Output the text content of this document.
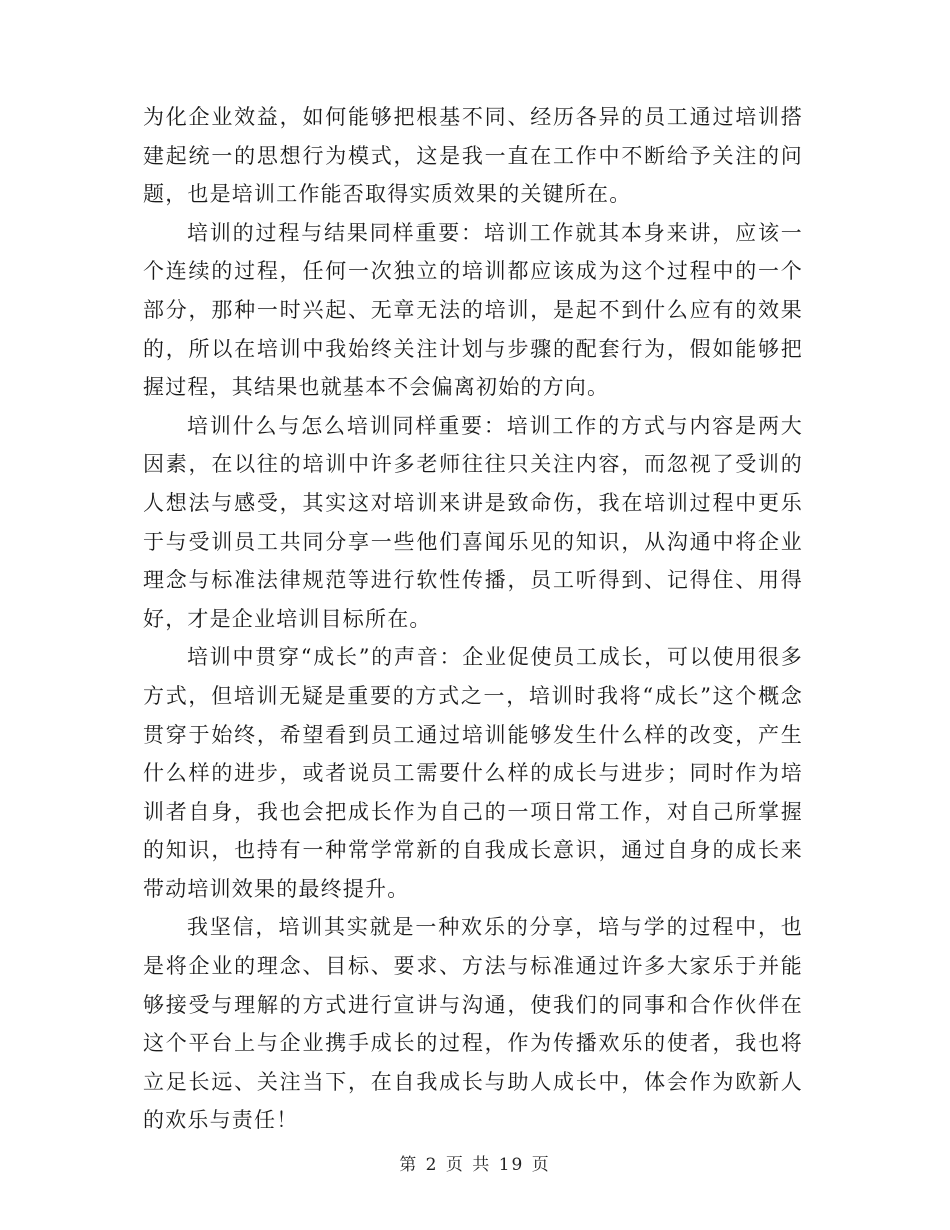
为化企业效益，如何能够把根基不同、经历各异的员工通过培训搭建起统一的思想行为模式，这是我一直在工作中不断给予关注的问题，也是培训工作能否取得实质效果的关键所在。

培训的过程与结果同样重要：培训工作就其本身来讲，应该一个连续的过程，任何一次独立的培训都应该成为这个过程中的一个部分，那种一时兴起、无章无法的培训，是起不到什么应有的效果的，所以在培训中我始终关注计划与步骤的配套行为，假如能够把握过程，其结果也就基本不会偏离初始的方向。

培训什么与怎么培训同样重要：培训工作的方式与内容是两大因素，在以往的培训中许多老师往往只关注内容，而忽视了受训的人想法与感受，其实这对培训来讲是致命伤，我在培训过程中更乐于与受训员工共同分享一些他们喜闻乐见的知识，从沟通中将企业理念与标准法律规范等进行软性传播，员工听得到、记得住、用得好，才是企业培训目标所在。

培训中贯穿“成长”的声音：企业促使员工成长，可以使用很多方式，但培训无疑是重要的方式之一，培训时我将“成长”这个概念贯穿于始终，希望看到员工通过培训能够发生什么样的改变，产生什么样的进步，或者说员工需要什么样的成长与进步；同时作为培训者自身，我也会把成长作为自己的一项日常工作，对自己所掌握的知识，也持有一种常学常新的自我成长意识，通过自身的成长来带动培训效果的最终提升。

我坚信，培训其实就是一种欢乐的分享，培与学的过程中，也是将企业的理念、目标、要求、方法与标准通过许多大家乐于并能够接受与理解的方式进行宣讲与沟通，使我们的同事和合作伙伴在这个平台上与企业携手成长的过程，作为传播欢乐的使者，我也将立足长远、关注当下，在自我成长与助人成长中，体会作为欧新人的欢乐与责任！

第 2 页 共 19 页
